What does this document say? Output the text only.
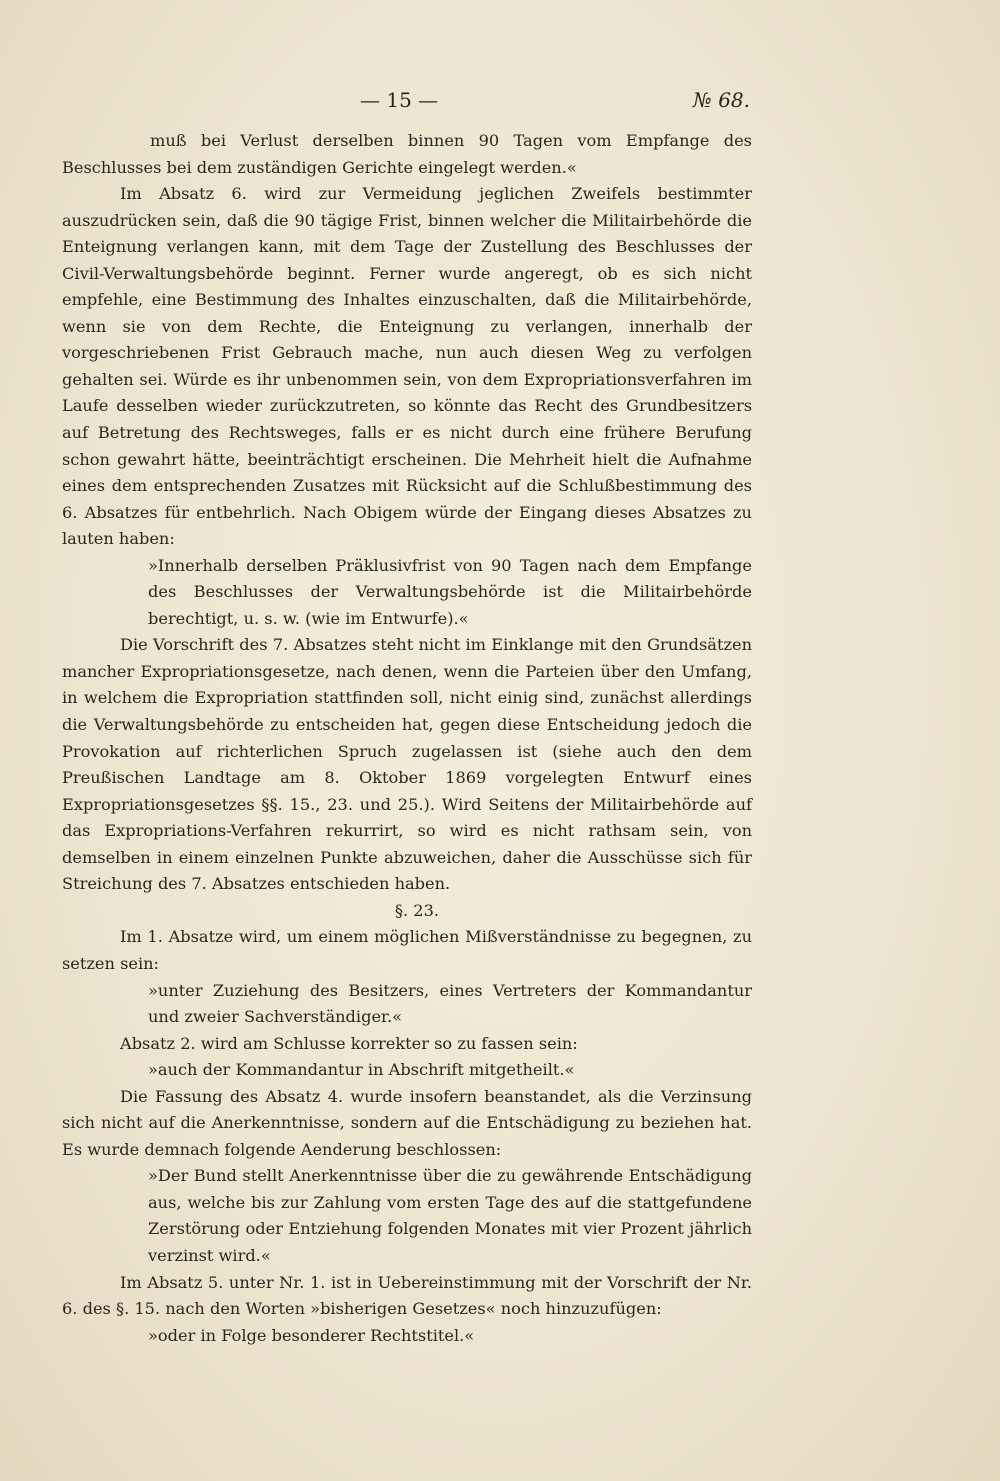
— 15 —	№ 68.

muß bei Verlust derselben binnen 90 Tagen vom Empfange des Beschlusses bei dem zuständigen Gerichte eingelegt werden.«

Im Absatz 6. wird zur Vermeidung jeglichen Zweifels bestimmter auszudrücken sein, daß die 90 tägige Frist, binnen welcher die Militairbehörde die Enteignung verlangen kann, mit dem Tage der Zustellung des Beschlusses der Civil-Verwaltungsbehörde beginnt. Ferner wurde angeregt, ob es sich nicht empfehle, eine Bestimmung des Inhaltes einzuschalten, daß die Militairbehörde, wenn sie von dem Rechte, die Enteignung zu verlangen, innerhalb der vorgeschriebenen Frist Gebrauch mache, nun auch diesen Weg zu verfolgen gehalten sei. Würde es ihr unbenommen sein, von dem Expropriationsverfahren im Laufe desselben wieder zurückzutreten, so könnte das Recht des Grundbesitzers auf Betretung des Rechtsweges, falls er es nicht durch eine frühere Berufung schon gewahrt hätte, beeinträchtigt erscheinen. Die Mehrheit hielt die Aufnahme eines dem entsprechenden Zusatzes mit Rücksicht auf die Schlußbestimmung des 6. Absatzes für entbehrlich. Nach Obigem würde der Eingang dieses Absatzes zu lauten haben:

»Innerhalb derselben Präklusivfrist von 90 Tagen nach dem Empfange des Beschlusses der Verwaltungsbehörde ist die Militairbehörde berechtigt, u. s. w. (wie im Entwurfe).«

Die Vorschrift des 7. Absatzes steht nicht im Einklange mit den Grundsätzen mancher Expropriationsgesetze, nach denen, wenn die Parteien über den Umfang, in welchem die Expropriation stattfinden soll, nicht einig sind, zunächst allerdings die Verwaltungsbehörde zu entscheiden hat, gegen diese Entscheidung jedoch die Provokation auf richterlichen Spruch zugelassen ist (siehe auch den dem Preußischen Landtage am 8. Oktober 1869 vorgelegten Entwurf eines Expropriationsgesetzes §§. 15., 23. und 25.). Wird Seitens der Militairbehörde auf das Expropriations-Verfahren rekurrirt, so wird es nicht rathsam sein, von demselben in einem einzelnen Punkte abzuweichen, daher die Ausschüsse sich für Streichung des 7. Absatzes entschieden haben.

§. 23.

Im 1. Absatze wird, um einem möglichen Mißverständnisse zu begegnen, zu setzen sein:

»unter Zuziehung des Besitzers, eines Vertreters der Kommandantur und zweier Sachverständiger.«

Absatz 2. wird am Schlusse korrekter so zu fassen sein:

»auch der Kommandantur in Abschrift mitgetheilt.«

Die Fassung des Absatz 4. wurde insofern beanstandet, als die Verzinsung sich nicht auf die Anerkenntnisse, sondern auf die Entschädigung zu beziehen hat. Es wurde demnach folgende Aenderung beschlossen:

»Der Bund stellt Anerkenntnisse über die zu gewährende Entschädigung aus, welche bis zur Zahlung vom ersten Tage des auf die stattgefundene Zerstörung oder Entziehung folgenden Monates mit vier Prozent jährlich verzinst wird.«

Im Absatz 5. unter Nr. 1. ist in Uebereinstimmung mit der Vorschrift der Nr. 6. des §. 15. nach den Worten »bisherigen Gesetzes« noch hinzuzufügen:

»oder in Folge besonderer Rechtstitel.«
